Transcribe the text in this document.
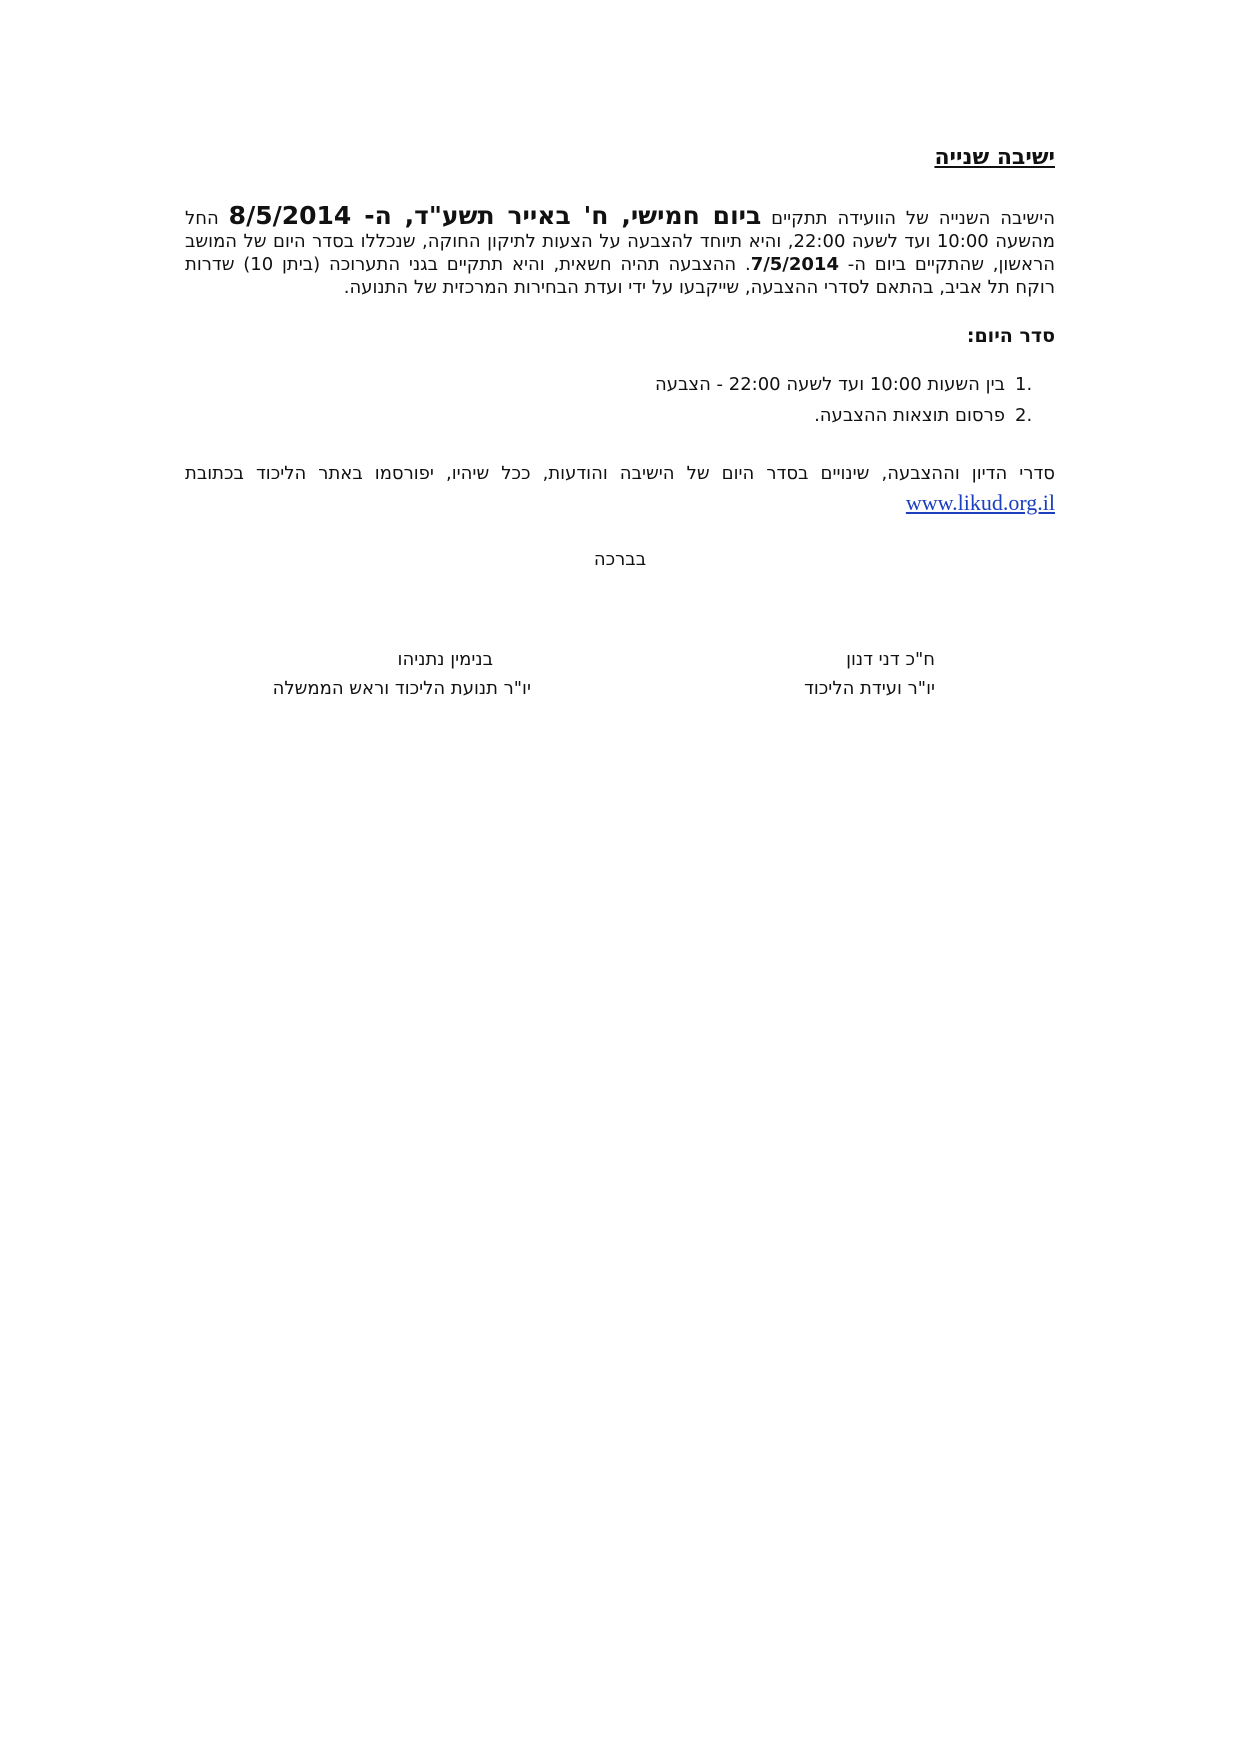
ישיבה שנייה

הישיבה השנייה של הוועידה תתקיים ביום חמישי, ח' באייר תשע"ד, ה- 8/5/2014 החל מהשעה 10:00 ועד לשעה 22:00, והיא תיוחד להצבעה על הצעות לתיקון החוקה, שנכללו בסדר היום של המושב הראשון, שהתקיים ביום ה- 7/5/2014. ההצבעה תהיה חשאית, והיא תתקיים בגני התערוכה (ביתן 10) שדרות רוקח תל אביב, בהתאם לסדרי ההצבעה, שייקבעו על ידי ועדת הבחירות המרכזית של התנועה.

סדר היום:
1.
בין השעות 10:00 ועד לשעה 22:00 - הצבעה
2.
פרסום תוצאות ההצבעה.

סדרי הדיון וההצבעה, שינויים בסדר היום של הישיבה והודעות, ככל שיהיו, יפורסמו באתר הליכוד בכתובת www.likud.org.il

בברכה
ח"כ דני דנון
יו"ר ועידת הליכוד
בנימין נתניהו
יו"ר תנועת הליכוד וראש הממשלה
